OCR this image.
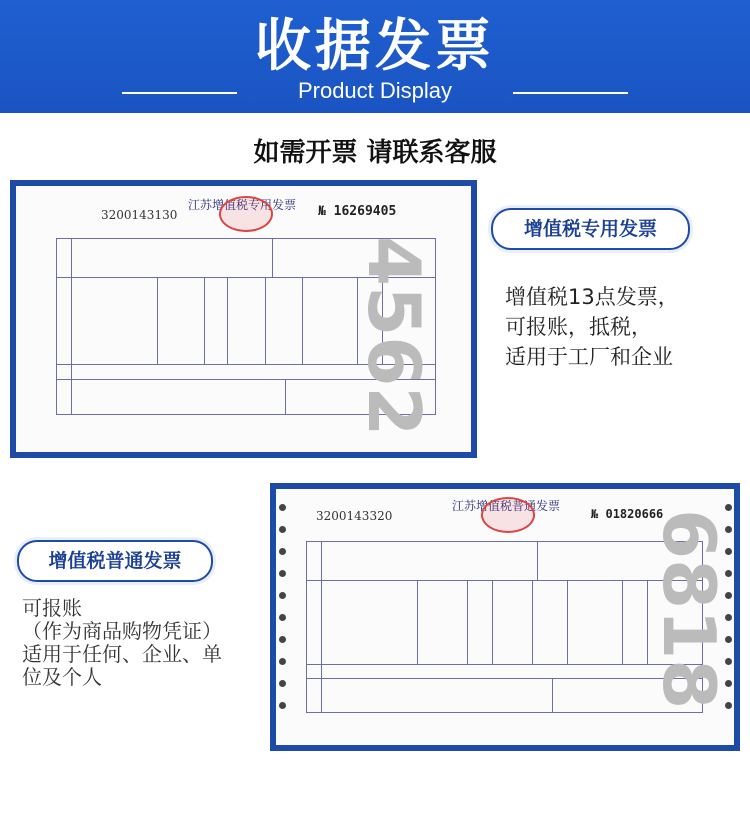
收据发票
Product Display
如需开票 请联系客服
3200143130
江苏增值税专用发票 № 16269405
4562
增值税专用发票
增值税13点发票，
可报账，抵税，
适用于工厂和企业
3200143320
江苏增值税普通发票
№ 01820666
6818
增值税普通发票
可报账
（作为商品购物凭证）
适用于任何、企业、单
位及个人
